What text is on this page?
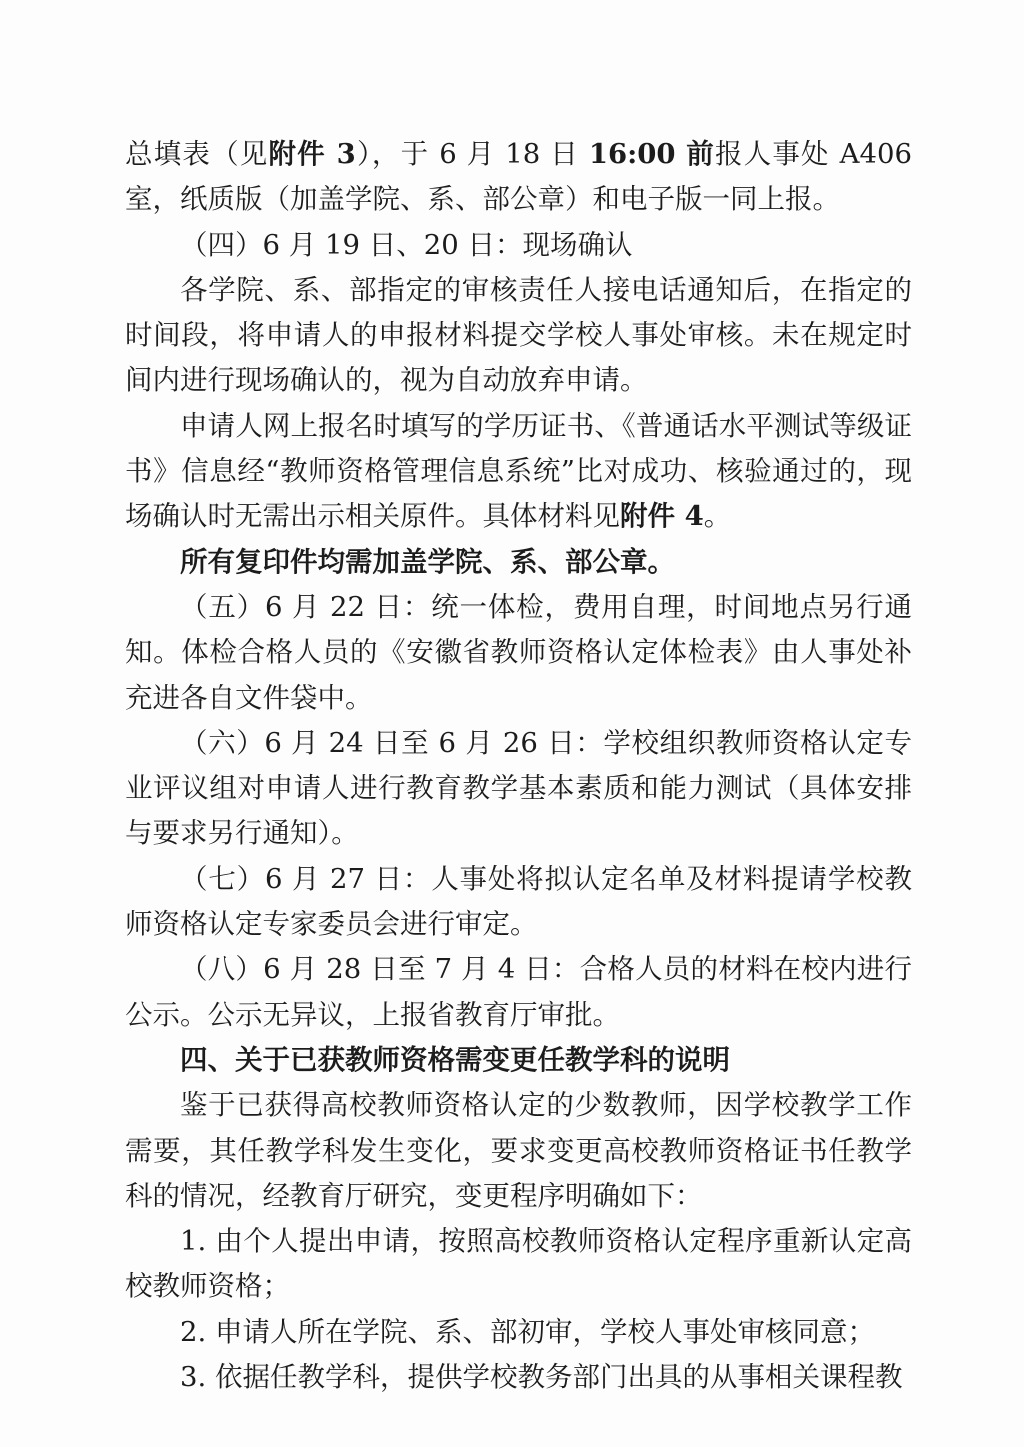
总填表（见附件 3），于 6 月 18 日 16:00 前报人事处 A406 室，纸质版（加盖学院、系、部公章）和电子版一同上报。

（四）6 月 19 日、20 日：现场确认

各学院、系、部指定的审核责任人接电话通知后，在指定的时间段，将申请人的申报材料提交学校人事处审核。未在规定时间内进行现场确认的，视为自动放弃申请。

申请人网上报名时填写的学历证书、《普通话水平测试等级证书》信息经“教师资格管理信息系统”比对成功、核验通过的，现场确认时无需出示相关原件。具体材料见附件 4。

所有复印件均需加盖学院、系、部公章。

（五）6 月 22 日：统一体检，费用自理，时间地点另行通知。体检合格人员的《安徽省教师资格认定体检表》由人事处补充进各自文件袋中。

（六）6 月 24 日至 6 月 26 日：学校组织教师资格认定专业评议组对申请人进行教育教学基本素质和能力测试（具体安排与要求另行通知）。

（七）6 月 27 日：人事处将拟认定名单及材料提请学校教师资格认定专家委员会进行审定。

（八）6 月 28 日至 7 月 4 日：合格人员的材料在校内进行公示。公示无异议，上报省教育厅审批。

四、关于已获教师资格需变更任教学科的说明

鉴于已获得高校教师资格认定的少数教师，因学校教学工作需要，其任教学科发生变化，要求变更高校教师资格证书任教学科的情况，经教育厅研究，变更程序明确如下：

1. 由个人提出申请，按照高校教师资格认定程序重新认定高校教师资格；

2. 申请人所在学院、系、部初审，学校人事处审核同意；

3. 依据任教学科，提供学校教务部门出具的从事相关课程教
